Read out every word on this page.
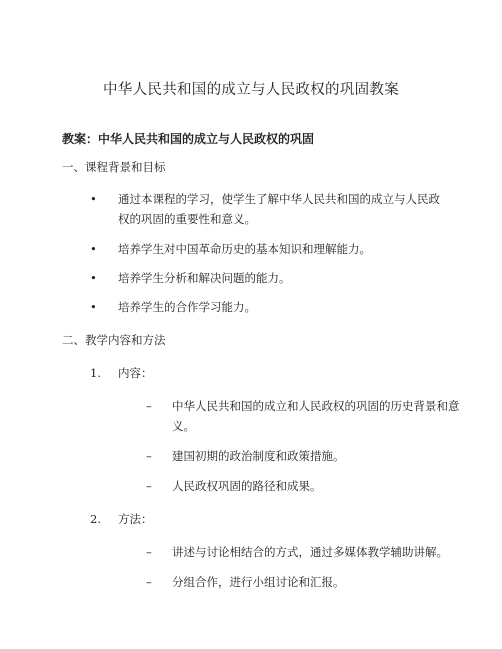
中华人民共和国的成立与人民政权的巩固教案
教案：中华人民共和国的成立与人民政权的巩固
一、课程背景和目标
• 通过本课程的学习，使学生了解中华人民共和国的成立与人民政
权的巩固的重要性和意义。
• 培养学生对中国革命历史的基本知识和理解能力。
• 培养学生分析和解决问题的能力。
• 培养学生的合作学习能力。
二、教学内容和方法
1. 内容：
– 中华人民共和国的成立和人民政权的巩固的历史背景和意
义。
– 建国初期的政治制度和政策措施。
– 人民政权巩固的路径和成果。
2. 方法：
– 讲述与讨论相结合的方式，通过多媒体教学辅助讲解。
– 分组合作，进行小组讨论和汇报。
